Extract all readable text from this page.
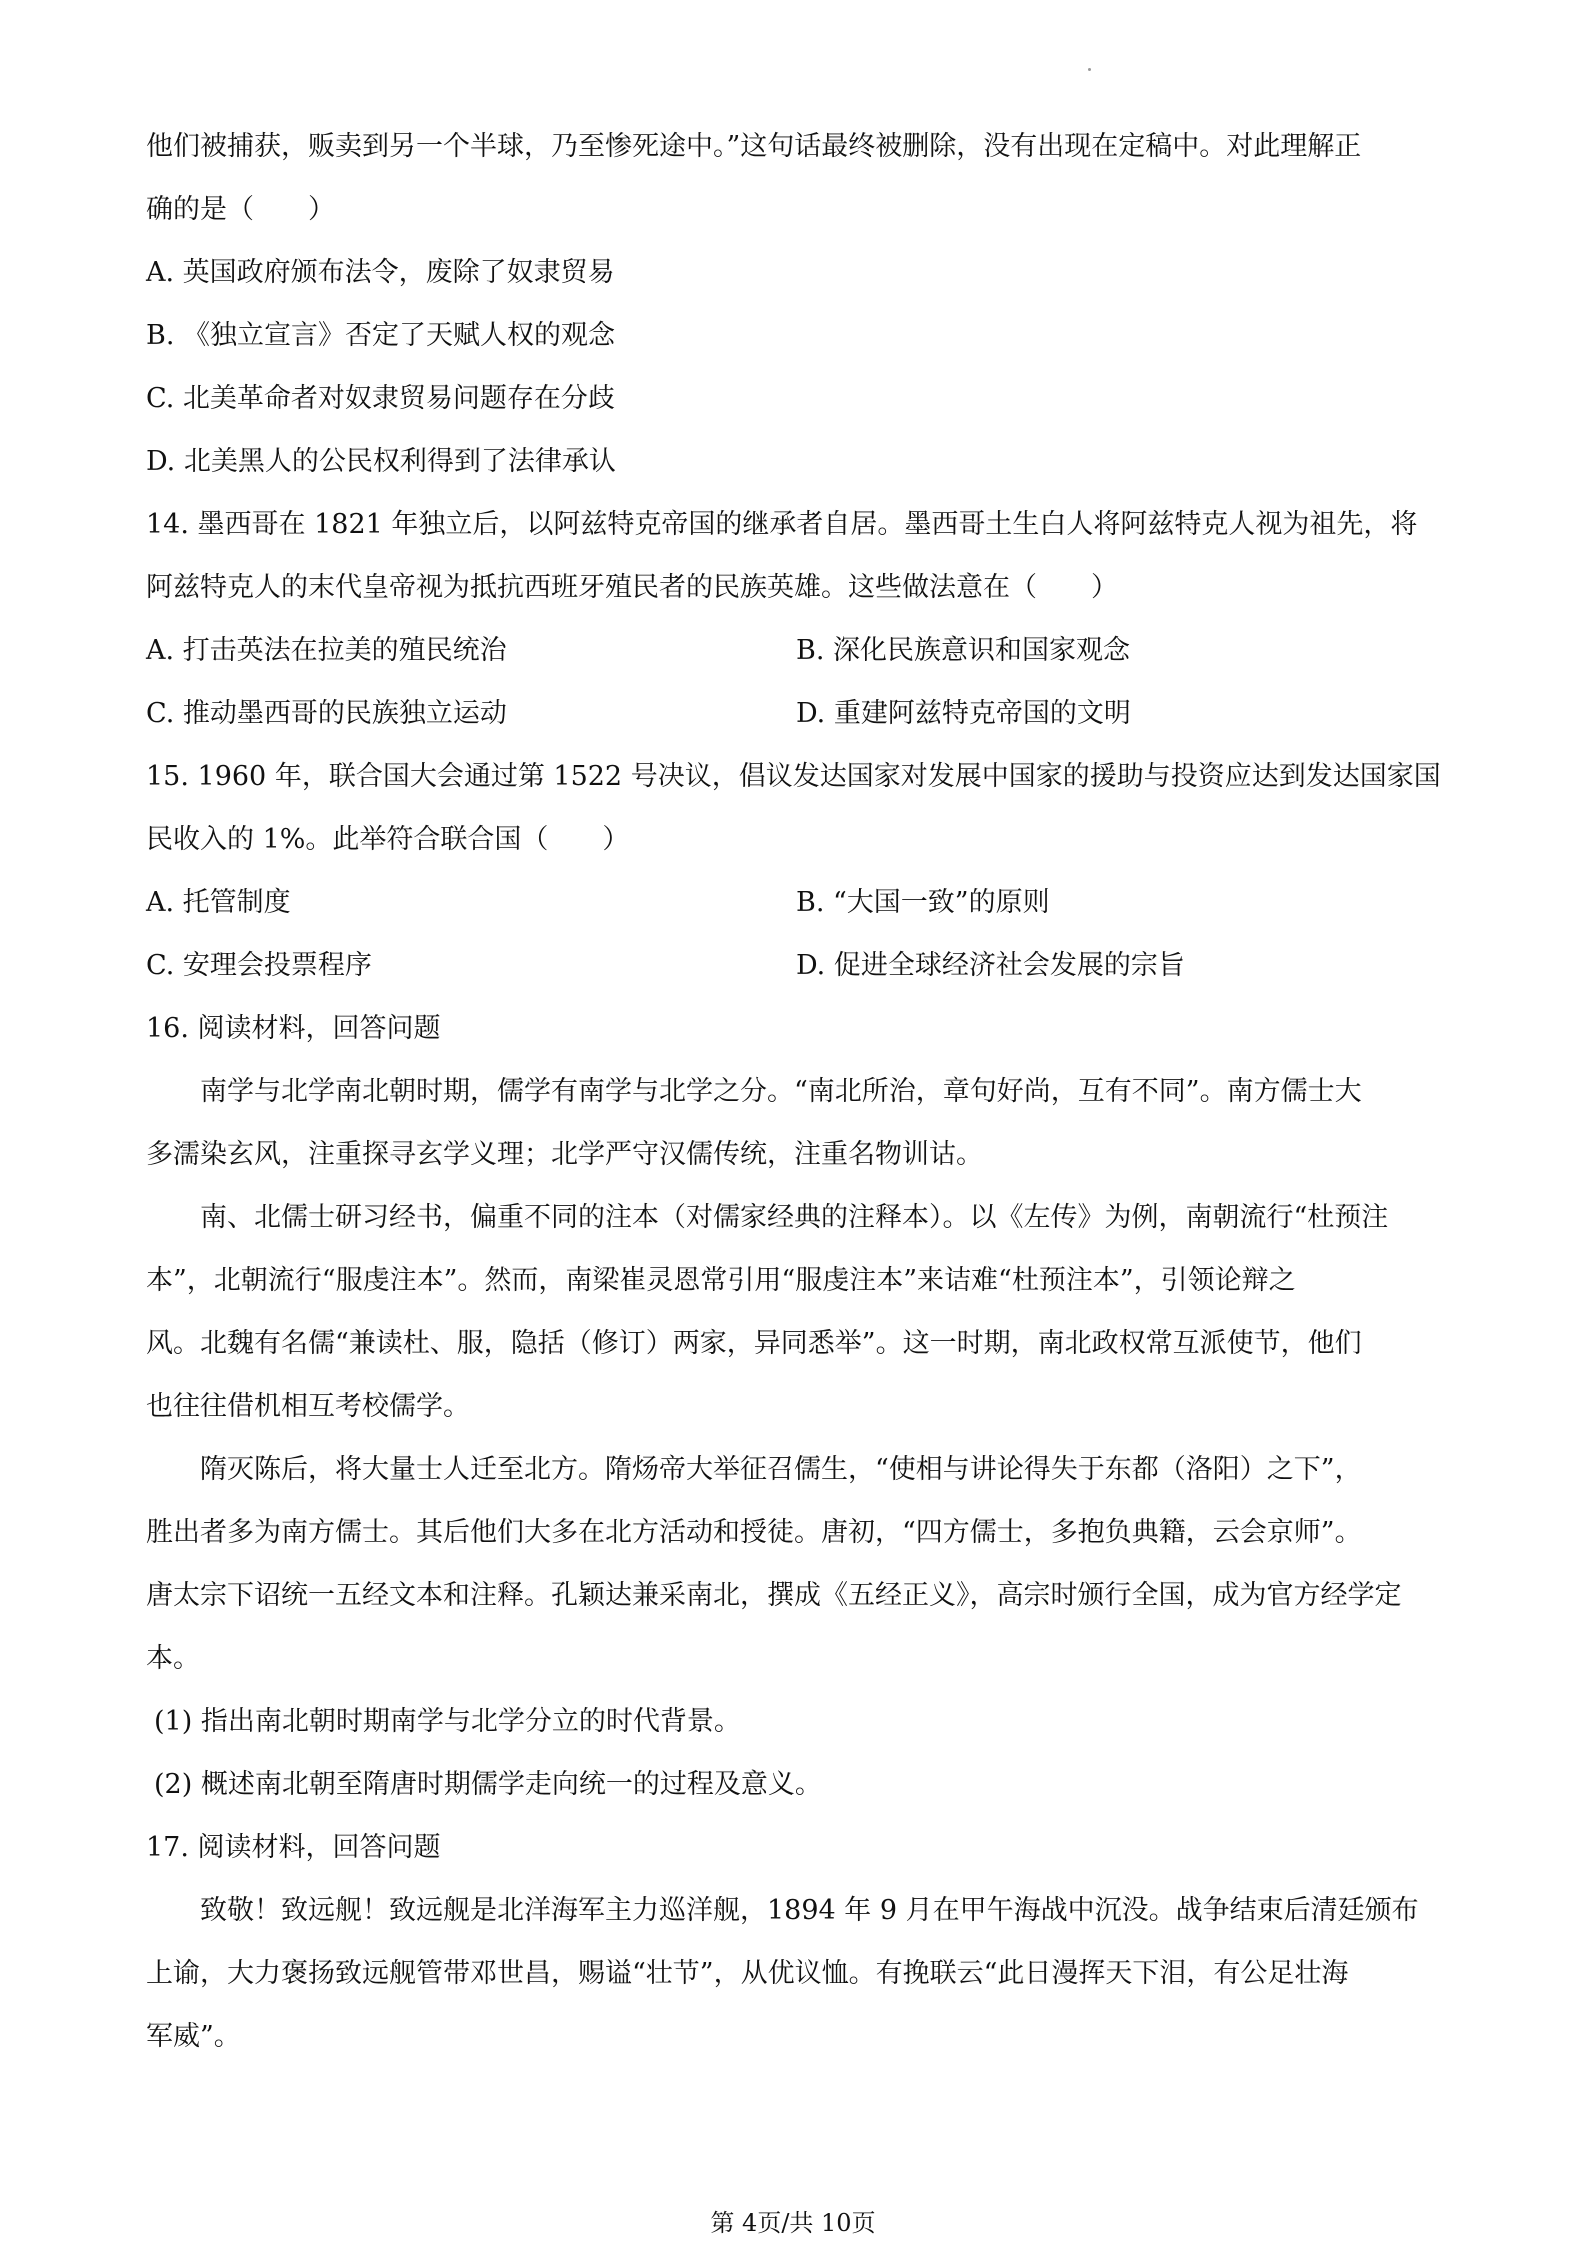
他们被捕获，贩卖到另一个半球，乃至惨死途中。”这句话最终被删除，没有出现在定稿中。对此理解正

确的是（　　）

A. 英国政府颁布法令，废除了奴隶贸易

B. 《独立宣言》否定了天赋人权的观念

C. 北美革命者对奴隶贸易问题存在分歧

D. 北美黑人的公民权利得到了法律承认

14. 墨西哥在 1821 年独立后，以阿兹特克帝国的继承者自居。墨西哥土生白人将阿兹特克人视为祖先，将

阿兹特克人的末代皇帝视为抵抗西班牙殖民者的民族英雄。这些做法意在（　　）

A. 打击英法在拉美的殖民统治	B. 深化民族意识和国家观念

C. 推动墨西哥的民族独立运动	D. 重建阿兹特克帝国的文明

15. 1960 年，联合国大会通过第 1522 号决议，倡议发达国家对发展中国家的援助与投资应达到发达国家国

民收入的 1%。此举符合联合国（　　）

A. 托管制度	B. “大国一致”的原则

C. 安理会投票程序	D. 促进全球经济社会发展的宗旨

16. 阅读材料，回答问题

南学与北学南北朝时期，儒学有南学与北学之分。“南北所治，章句好尚，互有不同”。南方儒士大

多濡染玄风，注重探寻玄学义理；北学严守汉儒传统，注重名物训诂。

南、北儒士研习经书，偏重不同的注本（对儒家经典的注释本）。以《左传》为例，南朝流行“杜预注

本”，北朝流行“服虔注本”。然而，南梁崔灵恩常引用“服虔注本”来诘难“杜预注本”，引领论辩之

风。北魏有名儒“兼读杜、服，隐括（修订）两家，异同悉举”。这一时期，南北政权常互派使节，他们

也往往借机相互考校儒学。

隋灭陈后，将大量士人迁至北方。隋炀帝大举征召儒生，“使相与讲论得失于东都（洛阳）之下”，

胜出者多为南方儒士。其后他们大多在北方活动和授徒。唐初，“四方儒士，多抱负典籍，云会京师”。

唐太宗下诏统一五经文本和注释。孔颖达兼采南北，撰成《五经正义》，高宗时颁行全国，成为官方经学定

本。

(1) 指出南北朝时期南学与北学分立的时代背景。

(2) 概述南北朝至隋唐时期儒学走向统一的过程及意义。

17. 阅读材料，回答问题

致敬！致远舰！致远舰是北洋海军主力巡洋舰，1894 年 9 月在甲午海战中沉没。战争结束后清廷颁布

上谕，大力褒扬致远舰管带邓世昌，赐谥“壮节”，从优议恤。有挽联云“此日漫挥天下泪，有公足壮海

军威”。

第 4页/共 10页
